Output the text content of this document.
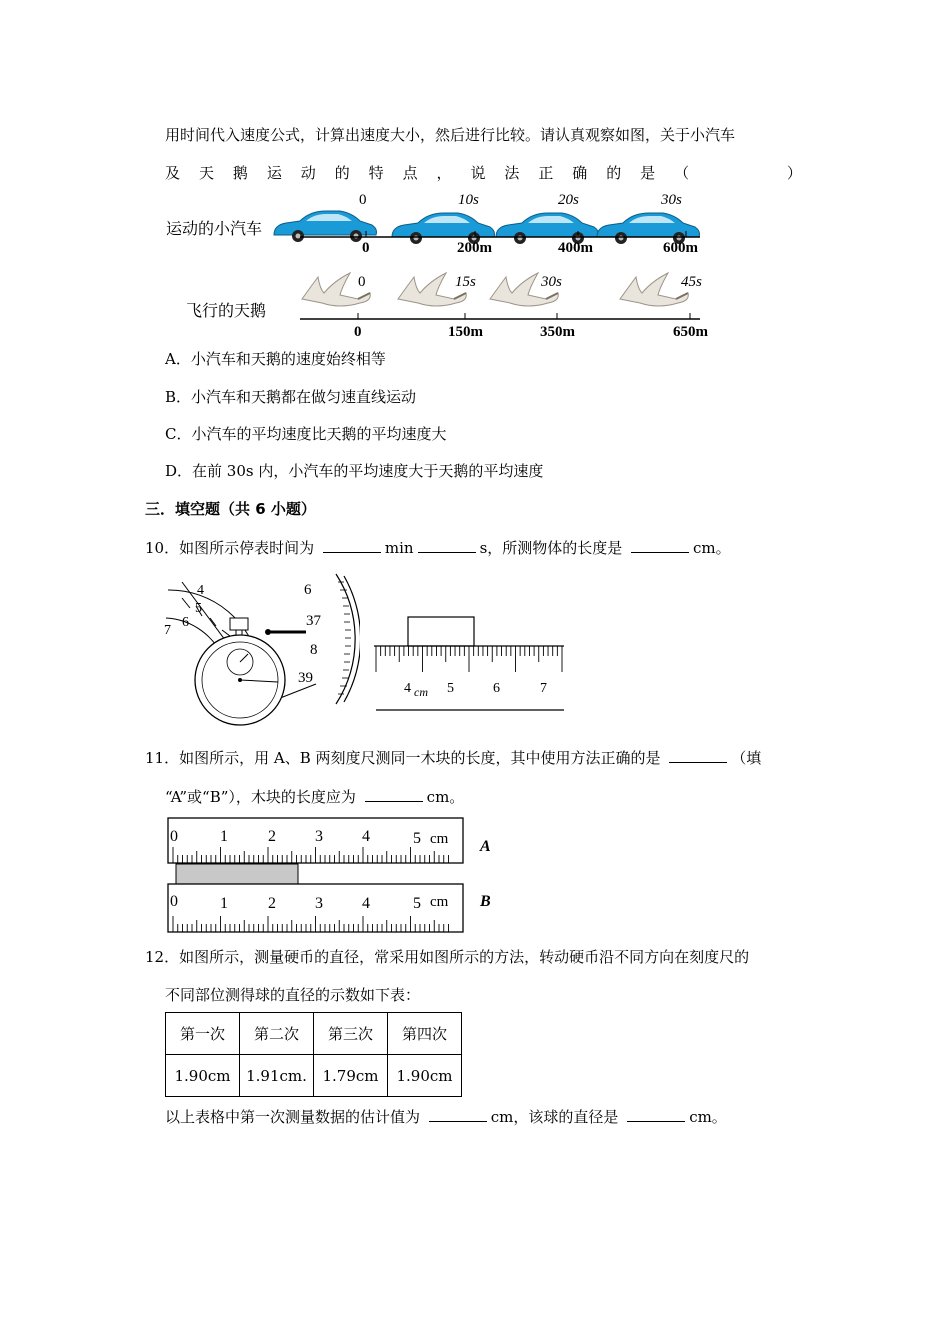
用时间代入速度公式，计算出速度大小，然后进行比较。请认真观察如图，关于小汽车
及 天 鹅 运 动 的 特 点 ， 说 法 正 确 的 是 （	）
运动的小汽车
0	10s	20s	30s
0	200m	400m	600m
飞行的天鹅
0	15s	30s	45s
0	150m	350m	650m
A．小汽车和天鹅的速度始终相等
B．小汽车和天鹅都在做匀速直线运动
C．小汽车的平均速度比天鹅的平均速度大
D．在前 30s 内，小汽车的平均速度大于天鹅的平均速度
三．填空题（共 6 小题）
10．如图所示停表时间为	min	s，所测物体的长度是	cm。
4
5
6
7
6
37
8
39
4 cm 5	6	7
11．如图所示，用 A、B 两刻度尺测同一木块的长度，其中使用方法正确的是	（填
“A”或“B”），木块的长度应为	cm。
0	1	2 3 4	5 cm A
0	1	2 3 4	5 cm B
12．如图所示，测量硬币的直径，常采用如图所示的方法，转动硬币沿不同方向在刻度尺的
不同部位测得球的直径的示数如下表：
第一次	第二次	第三次	第四次
1.90cm	1.91cm.	1.79cm	1.90cm
以上表格中第一次测量数据的估计值为	cm，该球的直径是	cm。
